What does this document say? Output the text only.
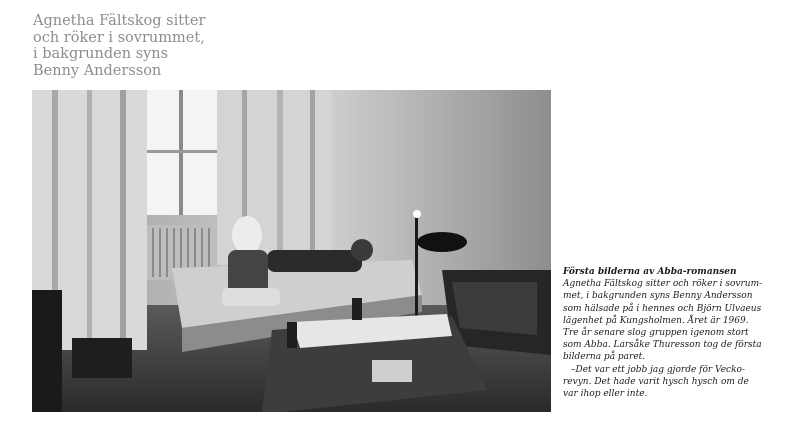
Agnetha Fältskog sitter
och röker i sovrummet,
i bakgrunden syns
Benny Andersson
Första bilderna av Abba-romansen
Agnetha Fältskog sitter och röker i sovrum-
met, i bakgrunden syns Benny Andersson
som hälsade på i hennes och Björn Ulvaeus
lägenhet på Kungsholmen. Året är 1969.
Tre år senare slog gruppen igenom stort
som Abba. Larsåke Thuresson tog de första
bilderna på paret.
–Det var ett jobb jag gjorde för Vecko-
revyn. Det hade varit hysch hysch om de
var ihop eller inte.
